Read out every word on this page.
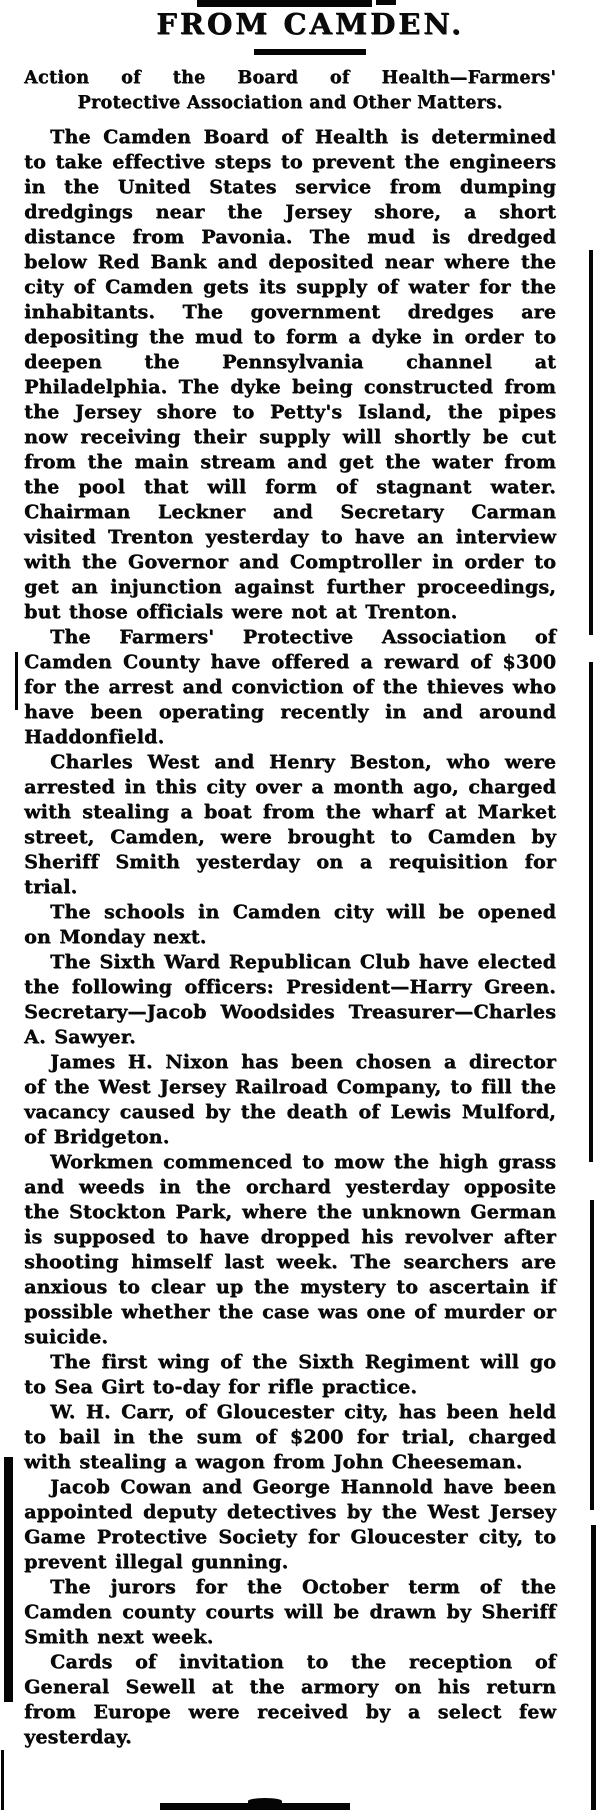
FROM CAMDEN.
Action of the Board of Health—Farmers'
Protective Association and Other Matters.

The Camden Board of Health is determined to take effective steps to prevent the engineers in the United States service from dumping dredgings near the Jersey shore, a short distance from Pavonia. The mud is dredged below Red Bank and deposited near where the city of Camden gets its supply of water for the inhabitants. The government dredges are depositing the mud to form a dyke in order to deepen the Pennsylvania channel at Philadelphia. The dyke being constructed from the Jersey shore to Petty's Island, the pipes now receiving their supply will shortly be cut from the main stream and get the water from the pool that will form of stagnant water. Chairman Leckner and Secretary Carman visited Trenton yesterday to have an interview with the Governor and Comptroller in order to get an injunction against further proceedings, but those officials were not at Trenton.

The Farmers' Protective Association of Camden County have offered a reward of $300 for the arrest and conviction of the thieves who have been operating recently in and around Haddonfield.

Charles West and Henry Beston, who were arrested in this city over a month ago, charged with stealing a boat from the wharf at Market street, Camden, were brought to Camden by Sheriff Smith yesterday on a requisition for trial.

The schools in Camden city will be opened on Monday next.

The Sixth Ward Republican Club have elected the following officers: President—Harry Green. Secretary—Jacob Woodsides Treasurer—Charles A. Sawyer.

James H. Nixon has been chosen a director of the West Jersey Railroad Company, to fill the vacancy caused by the death of Lewis Mulford, of Bridgeton.

Workmen commenced to mow the high grass and weeds in the orchard yesterday opposite the Stockton Park, where the unknown German is supposed to have dropped his revolver after shooting himself last week. The searchers are anxious to clear up the mystery to ascertain if possible whether the case was one of murder or suicide.

The first wing of the Sixth Regiment will go to Sea Girt to-day for rifle practice.

W. H. Carr, of Gloucester city, has been held to bail in the sum of $200 for trial, charged with stealing a wagon from John Cheeseman.

Jacob Cowan and George Hannold have been appointed deputy detectives by the West Jersey Game Protective Society for Gloucester city, to prevent illegal gunning.

The jurors for the October term of the Camden county courts will be drawn by Sheriff Smith next week.

Cards of invitation to the reception of General Sewell at the armory on his return from Europe were received by a select few yesterday.
